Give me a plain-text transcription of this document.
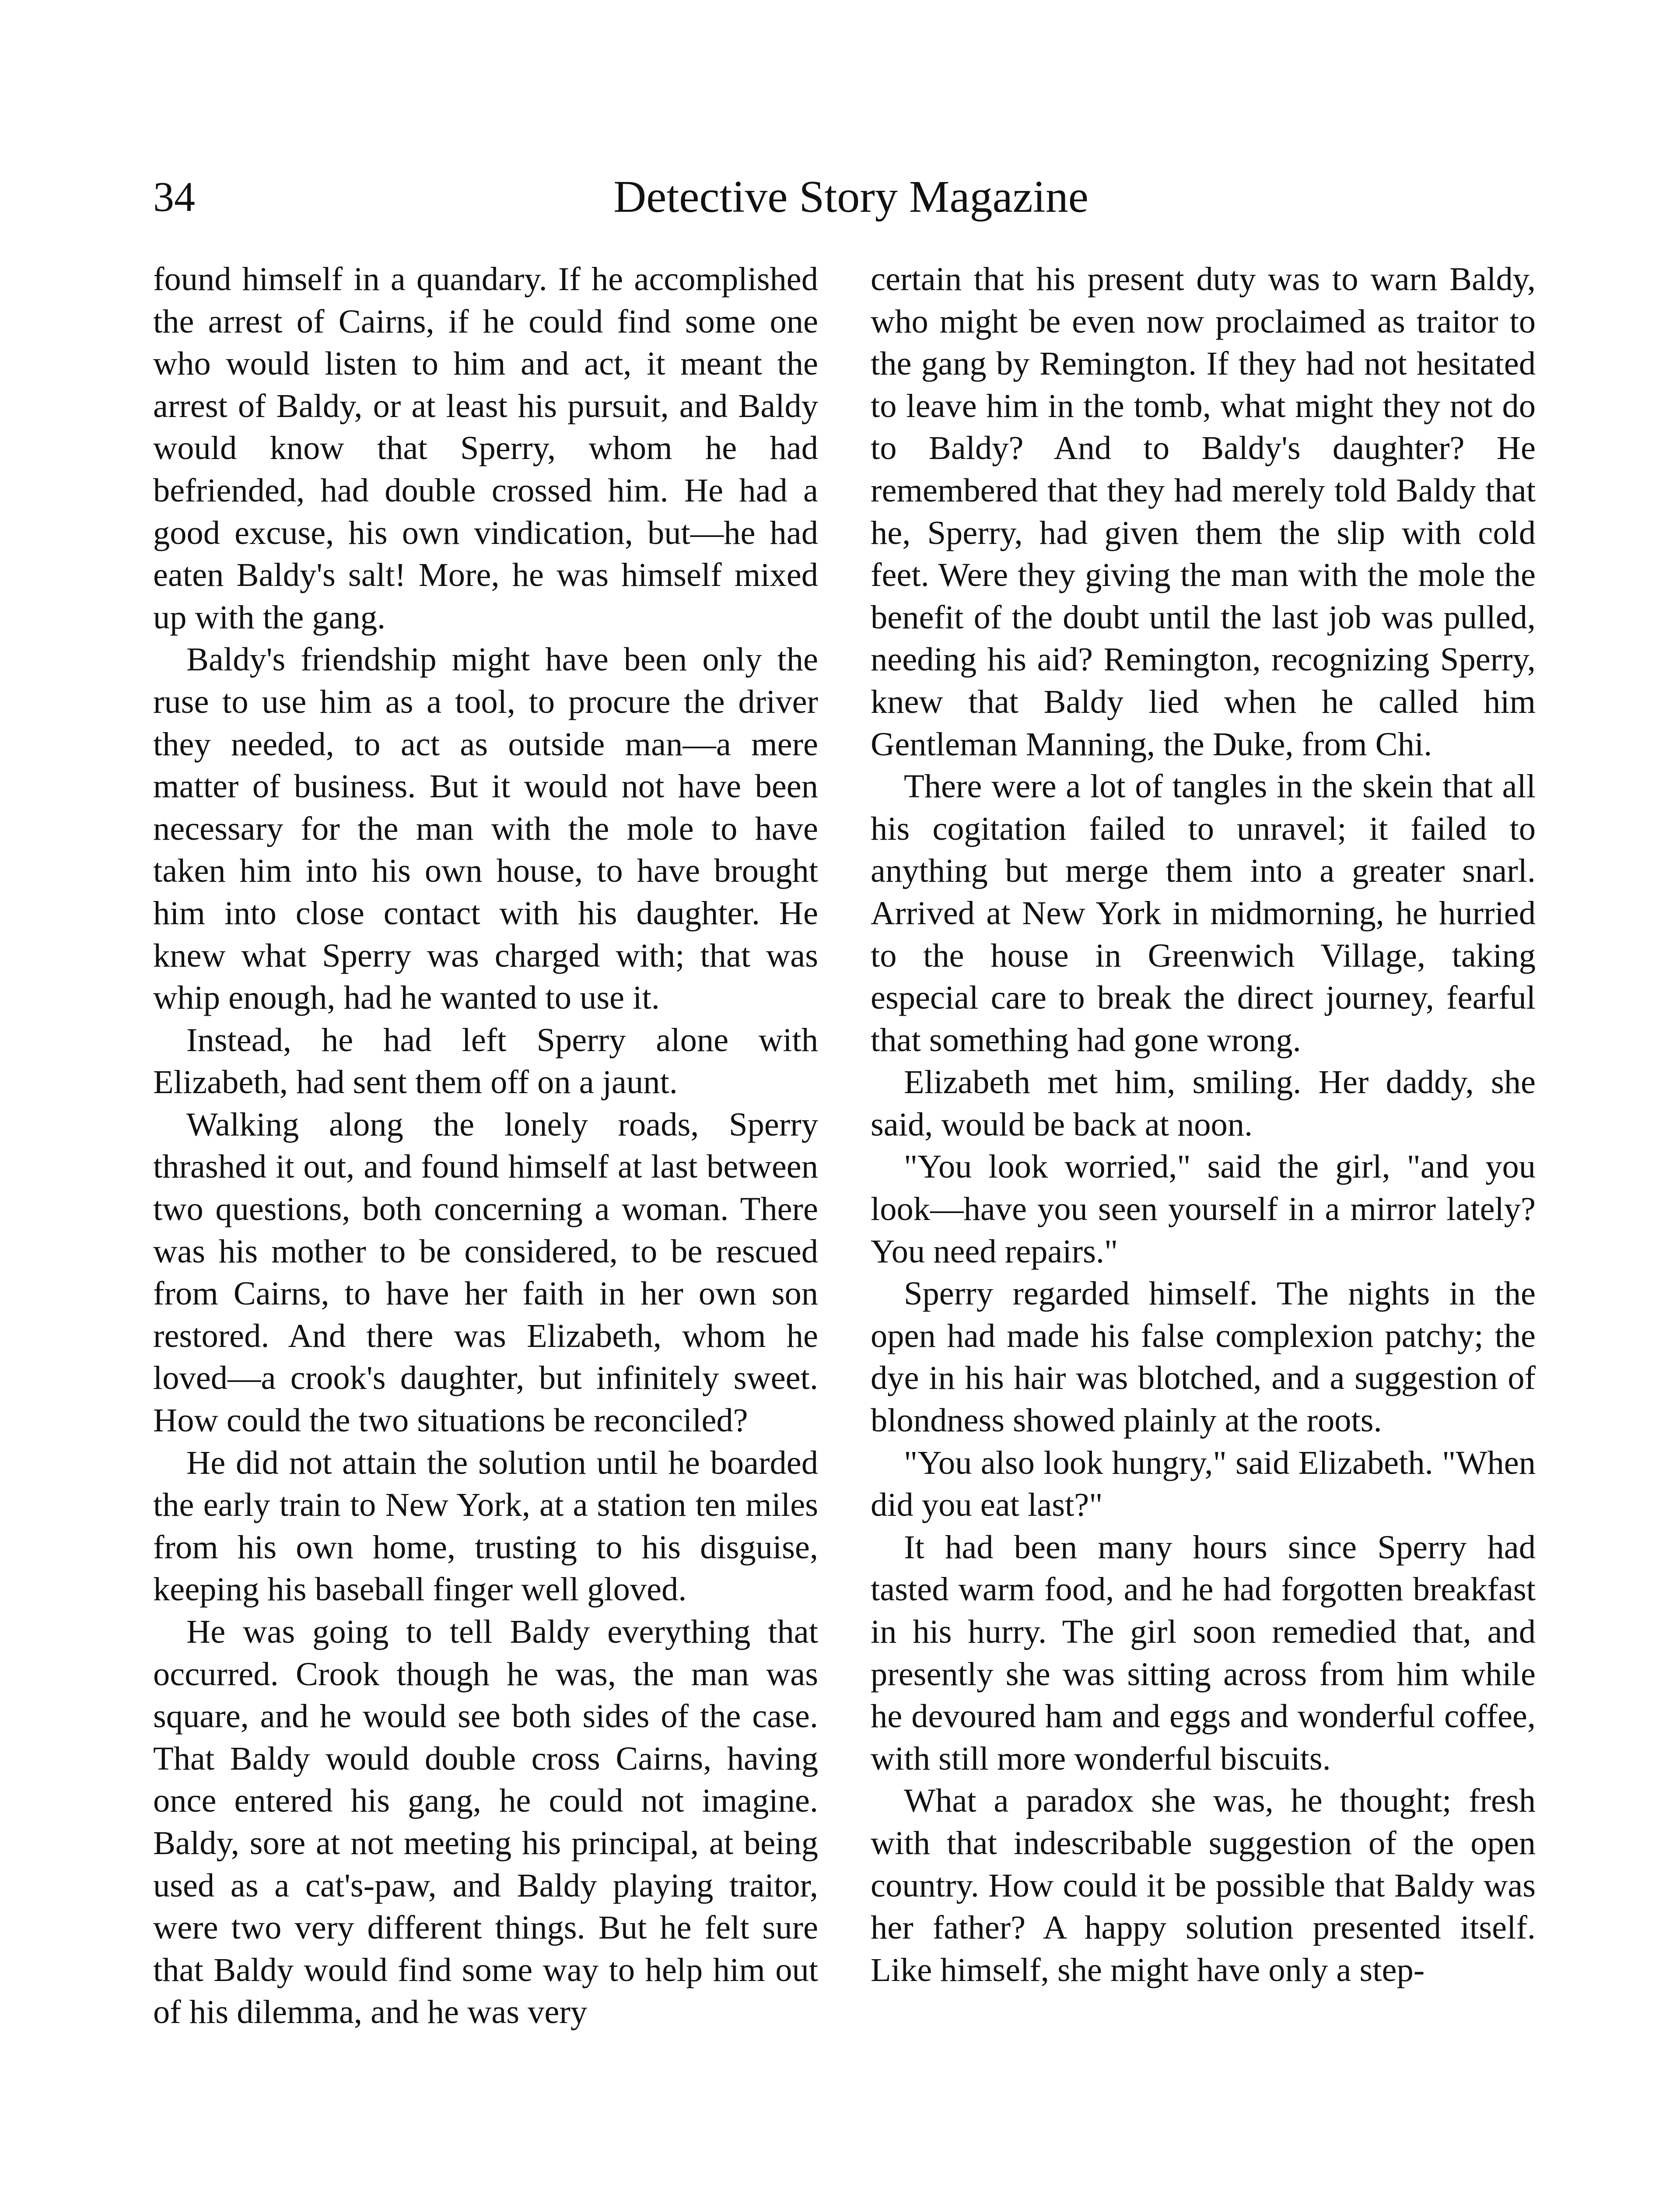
34	Detective Story Magazine

found himself in a quandary. If he accomplished the arrest of Cairns, if he could find some one who would listen to him and act, it meant the arrest of Baldy, or at least his pursuit, and Baldy would know that Sperry, whom he had befriended, had double crossed him. He had a good excuse, his own vindication, but—he had eaten Baldy's salt! More, he was himself mixed up with the gang.

Baldy's friendship might have been only the ruse to use him as a tool, to procure the driver they needed, to act as outside man—a mere matter of business. But it would not have been necessary for the man with the mole to have taken him into his own house, to have brought him into close contact with his daughter. He knew what Sperry was charged with; that was whip enough, had he wanted to use it.

Instead, he had left Sperry alone with Elizabeth, had sent them off on a jaunt.

Walking along the lonely roads, Sperry thrashed it out, and found himself at last between two questions, both concerning a woman. There was his mother to be considered, to be rescued from Cairns, to have her faith in her own son restored. And there was Elizabeth, whom he loved—a crook's daughter, but infinitely sweet. How could the two situations be reconciled?

He did not attain the solution until he boarded the early train to New York, at a station ten miles from his own home, trusting to his disguise, keeping his baseball finger well gloved.

He was going to tell Baldy everything that occurred. Crook though he was, the man was square, and he would see both sides of the case. That Baldy would double cross Cairns, having once entered his gang, he could not imagine. Baldy, sore at not meeting his principal, at being used as a cat's-paw, and Baldy playing traitor, were two very different things. But he felt sure that Baldy would find some way to help him out of his dilemma, and he was very

certain that his present duty was to warn Baldy, who might be even now proclaimed as traitor to the gang by Remington. If they had not hesitated to leave him in the tomb, what might they not do to Baldy? And to Baldy's daughter? He remembered that they had merely told Baldy that he, Sperry, had given them the slip with cold feet. Were they giving the man with the mole the benefit of the doubt until the last job was pulled, needing his aid? Remington, recognizing Sperry, knew that Baldy lied when he called him Gentleman Manning, the Duke, from Chi.

There were a lot of tangles in the skein that all his cogitation failed to unravel; it failed to anything but merge them into a greater snarl. Arrived at New York in midmorning, he hurried to the house in Greenwich Village, taking especial care to break the direct journey, fearful that something had gone wrong.

Elizabeth met him, smiling. Her daddy, she said, would be back at noon.

"You look worried," said the girl, "and you look—have you seen yourself in a mirror lately? You need repairs."

Sperry regarded himself. The nights in the open had made his false complexion patchy; the dye in his hair was blotched, and a suggestion of blondness showed plainly at the roots.

"You also look hungry," said Elizabeth. "When did you eat last?"

It had been many hours since Sperry had tasted warm food, and he had forgotten breakfast in his hurry. The girl soon remedied that, and presently she was sitting across from him while he devoured ham and eggs and wonderful coffee, with still more wonderful biscuits.

What a paradox she was, he thought; fresh with that indescribable suggestion of the open country. How could it be possible that Baldy was her father? A happy solution presented itself. Like himself, she might have only a step-
